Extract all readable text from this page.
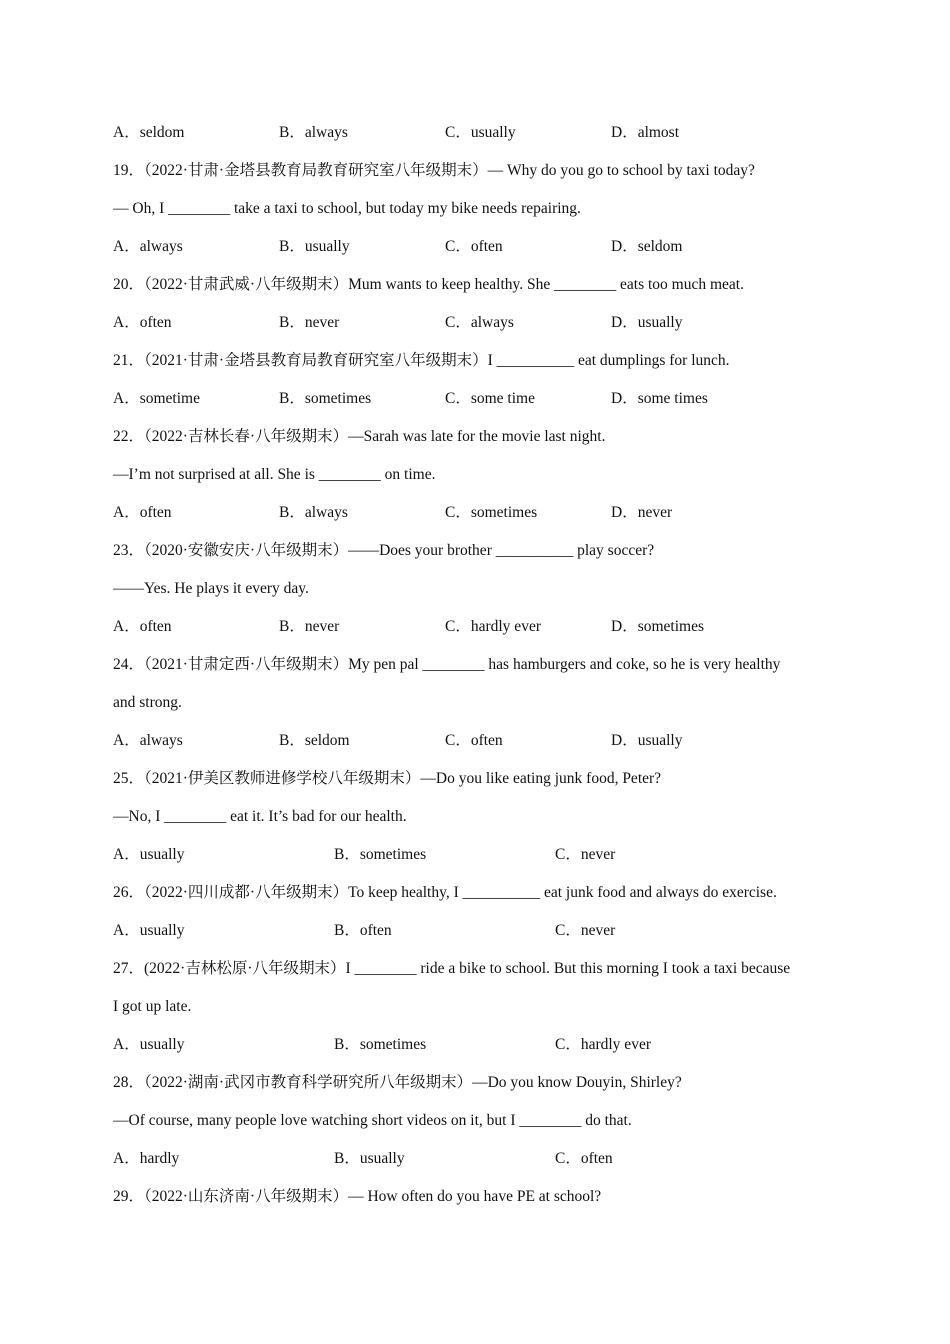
A．seldom	B．always	C．usually	D．almost
19．（2022·甘肃·金塔县教育局教育研究室八年级期末）— Why do you go to school by taxi today?
— Oh, I ________ take a taxi to school, but today my bike needs repairing.
A．always	B．usually	C．often	D．seldom
20．（2022·甘肃武威·八年级期末）Mum wants to keep healthy. She ________ eats too much meat.
A．often	B．never	C．always	D．usually
21．（2021·甘肃·金塔县教育局教育研究室八年级期末）I __________ eat dumplings for lunch.
A．sometime	B．sometimes	C．some time	D．some times
22．（2022·吉林长春·八年级期末）—Sarah was late for the movie last night.
—I’m not surprised at all. She is ________ on time.
A．often	B．always	C．sometimes	D．never
23．（2020·安徽安庆·八年级期末）——Does your brother __________ play soccer?
——Yes. He plays it every day.
A．often	B．never	C．hardly ever	D．sometimes
24．（2021·甘肃定西·八年级期末）My pen pal ________ has hamburgers and coke, so he is very healthy
and strong.
A．always	B．seldom	C．often	D．usually
25．（2021·伊美区教师进修学校八年级期末）—Do you like eating junk food, Peter?
—No, I ________ eat it. It’s bad for our health.
A．usually	B．sometimes	C．never
26．（2022·四川成都·八年级期末）To keep healthy, I __________ eat junk food and always do exercise.
A．usually	B．often	C．never
27．(2022·吉林松原·八年级期末）I ________ ride a bike to school. But this morning I took a taxi because
I got up late.
A．usually	B．sometimes	C．hardly ever
28．（2022·湖南·武冈市教育科学研究所八年级期末）—Do you know Douyin, Shirley?
—Of course, many people love watching short videos on it, but I ________ do that.
A．hardly	B．usually	C．often
29．（2022·山东济南·八年级期末）— How often do you have PE at school?
